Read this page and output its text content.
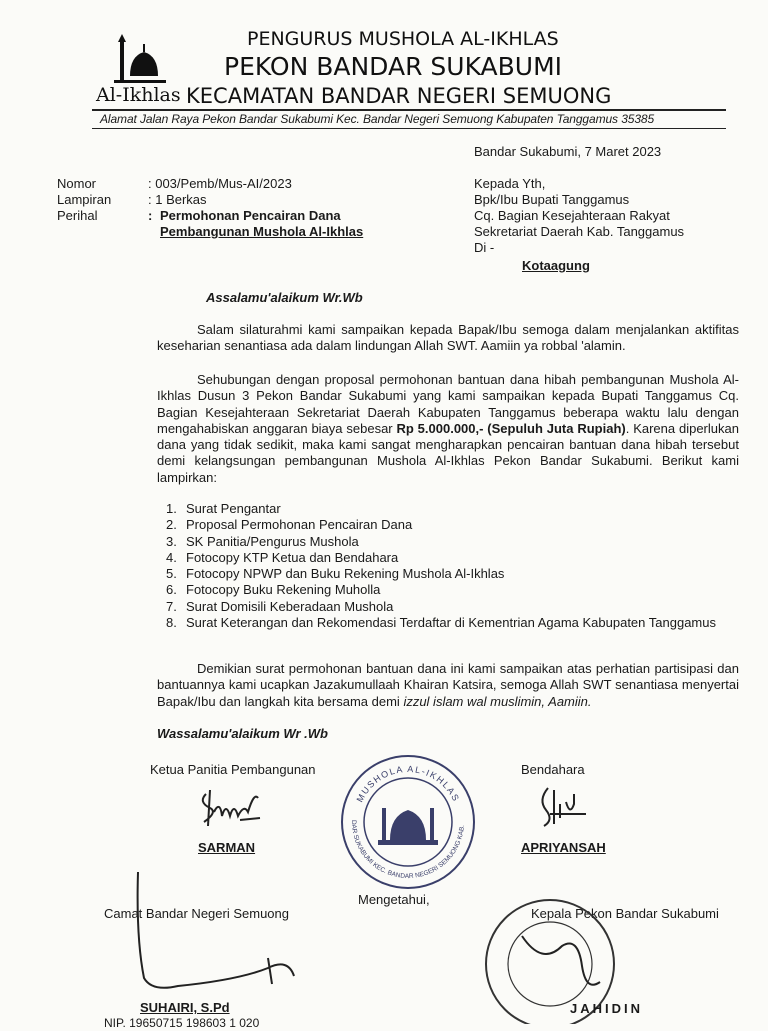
Al-Ikhlas
PENGURUS MUSHOLA AL-IKHLAS
PEKON BANDAR SUKABUMI
KECAMATAN BANDAR NEGERI SEMUONG
Alamat Jalan Raya Pekon Bandar Sukabumi Kec. Bandar Negeri Semuong Kabupaten Tanggamus 35385
Bandar Sukabumi, 7 Maret 2023
Nomor	: 003/Pemb/Mus-AI/2023
Lampiran	: 1 Berkas
Perihal	: Permohonan Pencairan Dana
Pembangunan Mushola Al-Ikhlas
Kepada Yth,
Bpk/Ibu Bupati Tanggamus
Cq. Bagian Kesejahteraan Rakyat
Sekretariat Daerah Kab. Tanggamus
Di -
Kotaagung
Assalamu'alaikum Wr.Wb
Salam silaturahmi kami sampaikan kepada Bapak/Ibu semoga dalam menjalankan aktifitas keseharian senantiasa ada dalam lindungan Allah SWT. Aamiin ya robbal 'alamin.
Sehubungan dengan proposal permohonan bantuan dana hibah pembangunan Mushola Al-Ikhlas Dusun 3 Pekon Bandar Sukabumi yang kami sampaikan kepada Bupati Tanggamus Cq. Bagian Kesejahteraan Sekretariat Daerah Kabupaten Tanggamus beberapa waktu lalu dengan mengahabiskan anggaran biaya sebesar Rp 5.000.000,- (Sepuluh Juta Rupiah). Karena diperlukan dana yang tidak sedikit, maka kami sangat mengharapkan pencairan bantuan dana hibah tersebut demi kelangsungan pembangunan Mushola Al-Ikhlas Pekon Bandar Sukabumi. Berikut kami lampirkan:
1. Surat Pengantar
2. Proposal Permohonan Pencairan Dana
3. SK Panitia/Pengurus Mushola
4. Fotocopy KTP Ketua dan Bendahara
5. Fotocopy NPWP dan Buku Rekening Mushola Al-Ikhlas
6. Fotocopy Buku Rekening Muholla
7. Surat Domisili Keberadaan Mushola
8. Surat Keterangan dan Rekomendasi Terdaftar di Kementrian Agama Kabupaten Tanggamus
Demikian surat permohonan bantuan dana ini kami sampaikan atas perhatian partisipasi dan bantuannya kami ucapkan Jazakumullaah Khairan Katsira, semoga Allah SWT senantiasa menyertai Bapak/Ibu dan langkah kita bersama demi izzul islam wal muslimin, Aamiin.
Wassalamu'alaikum Wr .Wb
Ketua Panitia Pembangunan
SARMAN
Bendahara
APRIYANSAH
MUSHOLA AL-IKHLAS
DAR SUKABUMI KEC. BANDAR NEGERI SEMUONG KAB.
Mengetahui,
Camat Bandar Negeri Semuong
SUHAIRI, S.Pd
NIP. 19650715 198603 1 020
Kepala Pekon Bandar Sukabumi
JAHIDIN
